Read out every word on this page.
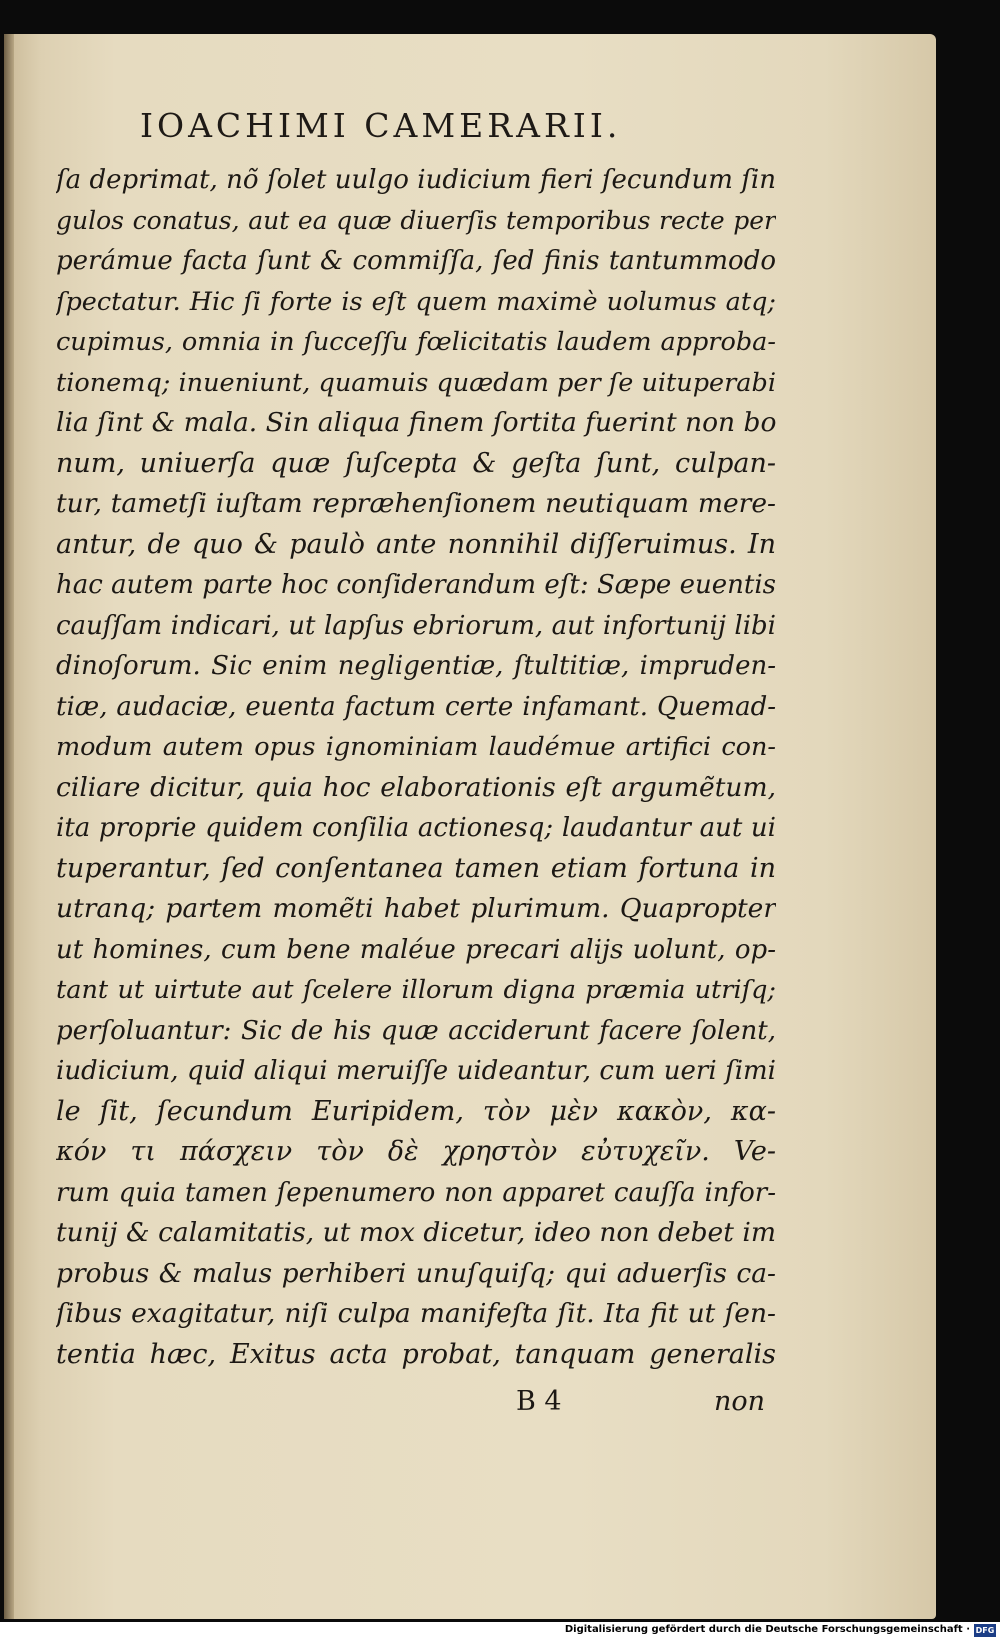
IOACHIMI CAMERARII.
ſa deprimat, nõ ſolet uulgo iudicium fieri ſecundum ſin
gulos conatus, aut ea quæ diuerſis temporibus recte per
perámue facta ſunt & commiſſa, ſed finis tantummodo
ſpectatur. Hic ſi forte is eſt quem maximè uolumus atq;
cupimus, omnia in ſucceſſu fœlicitatis laudem approba-
tionemq; inueniunt, quamuis quædam per ſe uituperabi
lia ſint & mala. Sin aliqua finem ſortita fuerint non bo
num, uniuerſa quæ ſuſcepta & geſta ſunt, culpan-
tur, tametſi iuſtam repræhenſionem neutiquam mere-
antur, de quo & paulò ante nonnihil diſſeruimus. In
hac autem parte hoc conſiderandum eſt: Sæpe euentis
cauſſam indicari, ut lapſus ebriorum, aut infortunij libi
dinoſorum. Sic enim negligentiæ, ſtultitiæ, impruden-
tiæ, audaciæ, euenta factum certe infamant. Quemad-
modum autem opus ignominiam laudémue artifici con-
ciliare dicitur, quia hoc elaborationis eſt argumẽtum,
ita proprie quidem conſilia actionesq; laudantur aut ui
tuperantur, ſed conſentanea tamen etiam fortuna in
utranq; partem momẽti habet plurimum. Quapropter
ut homines, cum bene maléue precari alijs uolunt, op-
tant ut uirtute aut ſcelere illorum digna præmia utriſq;
perſoluantur: Sic de his quæ acciderunt facere ſolent,
iudicium, quid aliqui meruiſſe uideantur, cum ueri ſimi
le ſit, ſecundum Euripidem, τὸν μὲν κακὸν, κα-
κόν τι πάσχειν τὸν δὲ χρηστὸν εὐτυχεῖν. Ve-
rum quia tamen ſepenumero non apparet cauſſa infor-
tunij & calamitatis, ut mox dicetur, ideo non debet im
probus & malus perhiberi unuſquiſq; qui aduerſis ca-
ſibus exagitatur, niſi culpa manifeſta ſit. Ita fit ut ſen-
tentia hæc, Exitus acta probat, tanquam generalis
B 4	non
Digitalisierung gefördert durch die Deutsche Forschungsgemeinschaft · DFG
